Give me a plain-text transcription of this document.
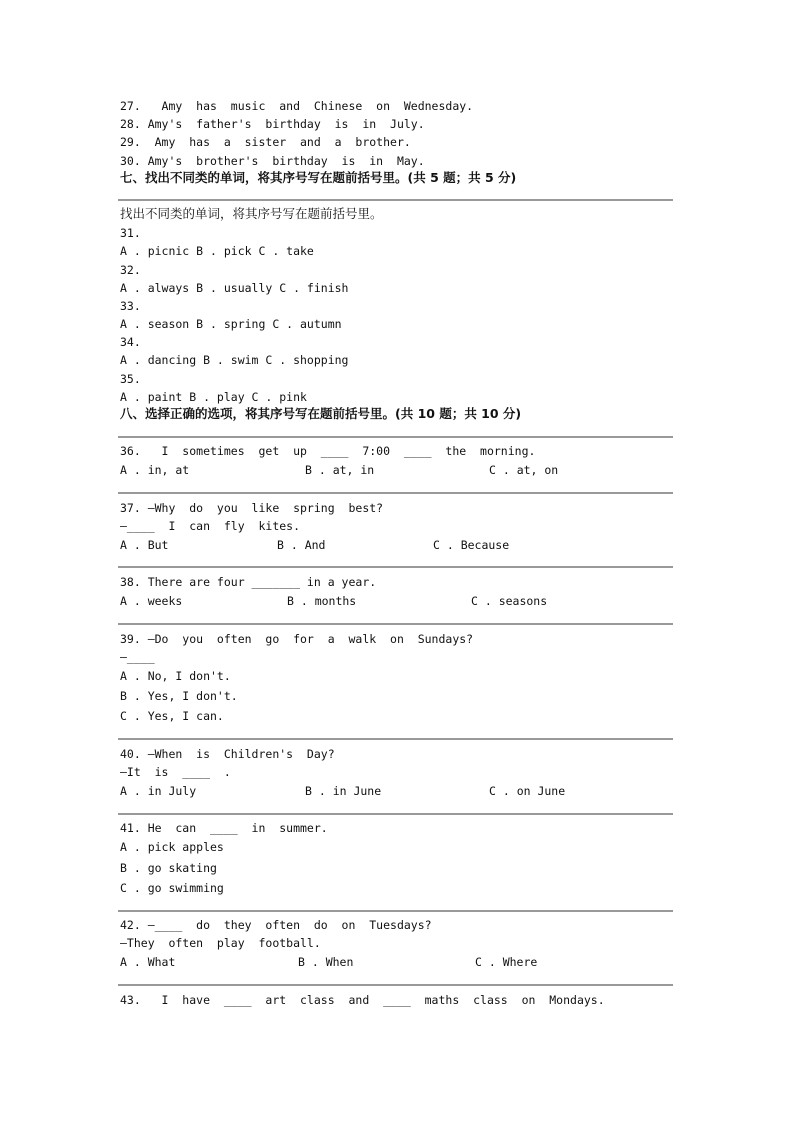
27.   Amy  has  music  and  Chinese  on  Wednesday.
28. Amy's  father's  birthday  is  in  July.
29.  Amy  has  a  sister  and  a  brother.
30. Amy's  brother's  birthday  is  in  May.
七、找出不同类的单词，将其序号写在题前括号里。(共 5 题；共 5 分)
找出不同类的单词，将其序号写在题前括号里。
31.
A . picnic B . pick C . take
32.
A . always B . usually C . finish
33.
A . season B . spring C . autumn
34.
A . dancing B . swim C . shopping
35.
A . paint B . play C . pink
八、选择正确的选项，将其序号写在题前括号里。(共 10 题；共 10 分)
36.   I  sometimes  get  up  ____  7:00  ____  the  morning.
A . in, at	B . at, in	C . at, on
37. —Why  do  you  like  spring  best?
—____  I  can  fly  kites.
A . But	B . And	C . Because
38. There are four _______ in a year.
A . weeks	B . months	C . seasons
39. —Do  you  often  go  for  a  walk  on  Sundays?
—____
A . No, I don't.
B . Yes, I don't.
C . Yes, I can.
40. —When  is  Children's  Day?
—It  is  ____  .
A . in July	B . in June	C . on June
41. He  can  ____  in  summer.
A . pick apples
B . go skating
C . go swimming
42. —____  do  they  often  do  on  Tuesdays?
—They  often  play  football.
A . What	B . When	C . Where
43.   I  have  ____  art  class  and  ____  maths  class  on  Mondays.
